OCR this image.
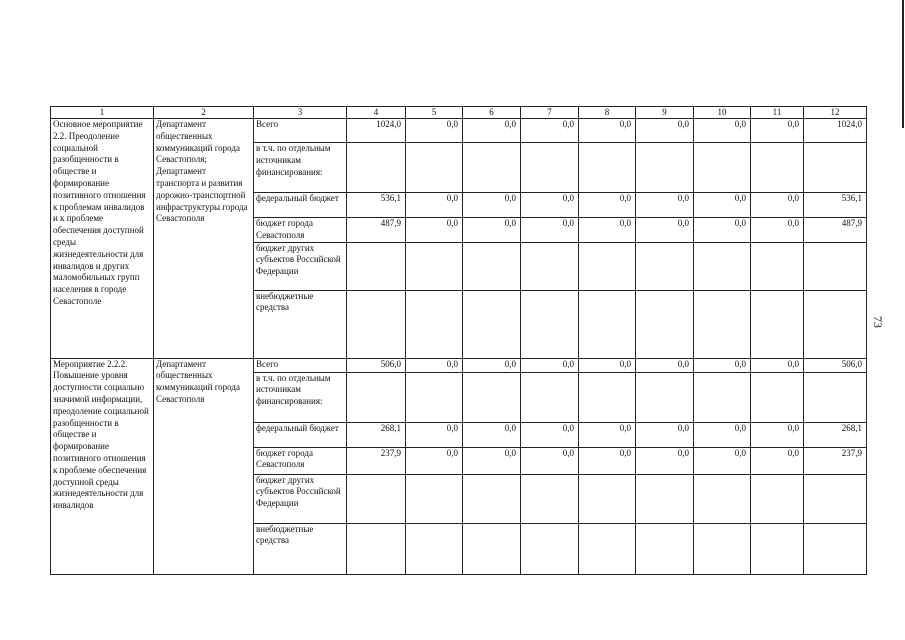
73
1	2	3	4	5	6	7	8	9	10	11	12
Основное мероприятие 2.2. Преодоление социальной разобщенности в обществе и формирование позитивного отношения к проблемам инвалидов и к проблеме обеспечения доступной среды жизнедеятельности для инвалидов и других маломобильных групп населения в городе Севастополе	Департамент общественных коммуникаций города Севастополя; Департамент транспорта и развития дорожно-транспортной инфраструктуры города Севастополя	Всего	1024,0	0,0	0,0	0,0	0,0	0,0	0,0	0,0	1024,0
		в т.ч. по отдельным источникам финансирования:									
		федеральный бюджет	536,1	0,0	0,0	0,0	0,0	0,0	0,0	0,0	536,1
		бюджет города Севастополя	487,9	0,0	0,0	0,0	0,0	0,0	0,0	0,0	487,9
		бюджет других субъектов Российской Федерации									
		внебюджетные средства									
Мероприятие 2.2.2. Повышение уровня доступности социально значимой информации, преодоление социальной разобщенности в обществе и формирование позитивного отношения к проблеме обеспечения доступной среды жизнедеятельности для инвалидов	Департамент общественных коммуникаций города Севастополя	Всего	506,0	0,0	0,0	0,0	0,0	0,0	0,0	0,0	506,0
		в т.ч. по отдельным источникам финансирования:									
		федеральный бюджет	268,1	0,0	0,0	0,0	0,0	0,0	0,0	0,0	268,1
		бюджет города Севастополя	237,9	0,0	0,0	0,0	0,0	0,0	0,0	0,0	237,9
		бюджет других субъектов Российской Федерации									
		внебюджетные средства									
